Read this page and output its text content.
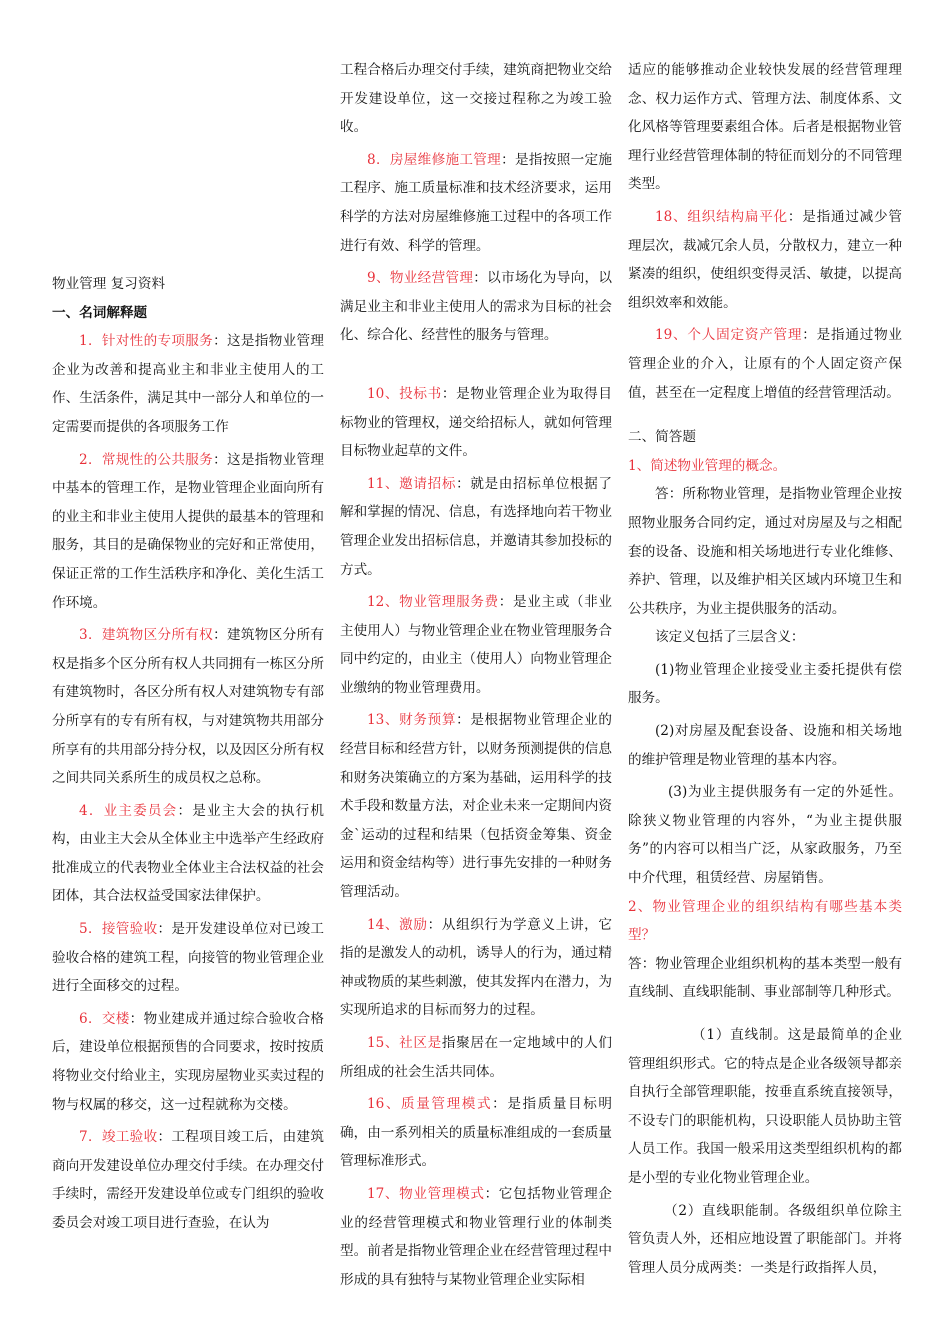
物业管理 复习资料

一、名词解释题

1．针对性的专项服务：这是指物业管理企业为改善和提高业主和非业主使用人的工作、生活条件，满足其中一部分人和单位的一定需要而提供的各项服务工作

2．常规性的公共服务：这是指物业管理中基本的管理工作，是物业管理企业面向所有的业主和非业主使用人提供的最基本的管理和服务，其目的是确保物业的完好和正常使用，保证正常的工作生活秩序和净化、美化生活工作环境。

3．建筑物区分所有权：建筑物区分所有权是指多个区分所有权人共同拥有一栋区分所有建筑物时，各区分所有权人对建筑物专有部分所享有的专有所有权，与对建筑物共用部分所享有的共用部分持分权，以及因区分所有权之间共同关系所生的成员权之总称。

4．业主委员会：是业主大会的执行机构，由业主大会从全体业主中选举产生经政府批准成立的代表物业全体业主合法权益的社会团体，其合法权益受国家法律保护。

5．接管验收：是开发建设单位对已竣工验收合格的建筑工程，向接管的物业管理企业进行全面移交的过程。

6．交楼：物业建成并通过综合验收合格后，建设单位根据预售的合同要求，按时按质将物业交付给业主，实现房屋物业买卖过程的物与权属的移交，这一过程就称为交楼。

7．竣工验收：工程项目竣工后，由建筑商向开发建设单位办理交付手续。在办理交付手续时，需经开发建设单位或专门组织的验收委员会对竣工项目进行查验，在认为

工程合格后办理交付手续，建筑商把物业交给开发建设单位，这一交接过程称之为竣工验收。

8．房屋维修施工管理：是指按照一定施工程序、施工质量标准和技术经济要求，运用科学的方法对房屋维修施工过程中的各项工作进行有效、科学的管理。

9、物业经营管理：以市场化为导向，以满足业主和非业主使用人的需求为目标的社会化、综合化、经营性的服务与管理。

10、投标书：是物业管理企业为取得目标物业的管理权，递交给招标人，就如何管理目标物业起草的文件。

11、邀请招标：就是由招标单位根据了解和掌握的情况、信息，有选择地向若干物业管理企业发出招标信息，并邀请其参加投标的方式。

12、物业管理服务费：是业主或（非业主使用人）与物业管理企业在物业管理服务合同中约定的，由业主（使用人）向物业管理企业缴纳的物业管理费用。

13、财务预算：是根据物业管理企业的经营目标和经营方针，以财务预测提供的信息和财务决策确立的方案为基础，运用科学的技术手段和数量方法，对企业未来一定期间内资金`运动的过程和结果（包括资金筹集、资金运用和资金结构等）进行事先安排的一种财务管理活动。

14、激励：从组织行为学意义上讲，它指的是激发人的动机，诱导人的行为，通过精神或物质的某些刺激，使其发挥内在潜力，为实现所追求的目标而努力的过程。

15、社区是指聚居在一定地域中的人们所组成的社会生活共同体。

16、质量管理模式：是指质量目标明确，由一系列相关的质量标准组成的一套质量管理标准形式。

17、物业管理模式：它包括物业管理企业的经营管理模式和物业管理行业的体制类型。前者是指物业管理企业在经营管理过程中形成的具有独特与某物业管理企业实际相

适应的能够推动企业较快发展的经营管理理念、权力运作方式、管理方法、制度体系、文化风格等管理要素组合体。后者是根据物业管理行业经营管理体制的特征而划分的不同管理类型。

18、组织结构扁平化：是指通过减少管理层次，裁减冗余人员，分散权力，建立一种紧凑的组织，使组织变得灵活、敏捷，以提高组织效率和效能。

19、个人固定资产管理：是指通过物业管理企业的介入，让原有的个人固定资产保值，甚至在一定程度上增值的经营管理活动。

二、简答题

1、简述物业管理的概念。

答：所称物业管理，是指物业管理企业按照物业服务合同约定，通过对房屋及与之相配套的设备、设施和相关场地进行专业化维修、养护、管理，以及维护相关区域内环境卫生和公共秩序，为业主提供服务的活动。

该定义包括了三层含义：

(1)物业管理企业接受业主委托提供有偿服务。

(2)对房屋及配套设备、设施和相关场地的维护管理是物业管理的基本内容。

(3)为业主提供服务有一定的外延性。除狭义物业管理的内容外，“为业主提供服务”的内容可以相当广泛，从家政服务，乃至中介代理，租赁经营、房屋销售。

2、物业管理企业的组织结构有哪些基本类型？

答：物业管理企业组织机构的基本类型一般有直线制、直线职能制、事业部制等几种形式。

（1）直线制。这是最简单的企业管理组织形式。它的特点是企业各级领导都亲自执行全部管理职能，按垂直系统直接领导，不设专门的职能机构，只设职能人员协助主管人员工作。我国一般采用这类型组织机构的都是小型的专业化物业管理企业。

（2）直线职能制。各级组织单位除主管负责人外，还相应地设置了职能部门。并将管理人员分成两类：一类是行政指挥人员，
